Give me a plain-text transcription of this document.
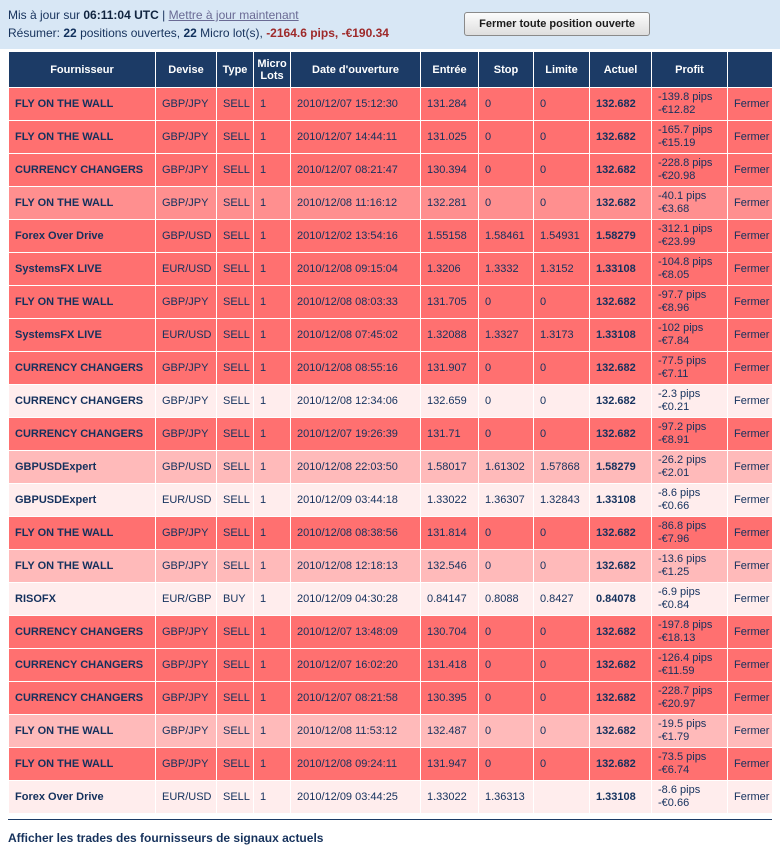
Mis à jour sur 06:11:04 UTC | Mettre à jour maintenant
Résumer: 22 positions ouvertes, 22 Micro lot(s), -2164.6 pips, -€190.34
Fermer toute position ouverte
Fournisseur	Devise	Type	Micro Lots	Date d'ouverture	Entrée	Stop	Limite	Actuel	Profit	
FLY ON THE WALL	GBP/JPY	SELL	1	2010/12/07 15:12:30	131.284	0	0	132.682	-139.8 pips
-€12.82	Fermer
FLY ON THE WALL	GBP/JPY	SELL	1	2010/12/07 14:44:11	131.025	0	0	132.682	-165.7 pips
-€15.19	Fermer
CURRENCY CHANGERS	GBP/JPY	SELL	1	2010/12/07 08:21:47	130.394	0	0	132.682	-228.8 pips
-€20.98	Fermer
FLY ON THE WALL	GBP/JPY	SELL	1	2010/12/08 11:16:12	132.281	0	0	132.682	-40.1 pips
-€3.68	Fermer
Forex Over Drive	GBP/USD	SELL	1	2010/12/02 13:54:16	1.55158	1.58461	1.54931	1.58279	-312.1 pips
-€23.99	Fermer
SystemsFX LIVE	EUR/USD	SELL	1	2010/12/08 09:15:04	1.3206	1.3332	1.3152	1.33108	-104.8 pips
-€8.05	Fermer
FLY ON THE WALL	GBP/JPY	SELL	1	2010/12/08 08:03:33	131.705	0	0	132.682	-97.7 pips
-€8.96	Fermer
SystemsFX LIVE	EUR/USD	SELL	1	2010/12/08 07:45:02	1.32088	1.3327	1.3173	1.33108	-102 pips
-€7.84	Fermer
CURRENCY CHANGERS	GBP/JPY	SELL	1	2010/12/08 08:55:16	131.907	0	0	132.682	-77.5 pips
-€7.11	Fermer
CURRENCY CHANGERS	GBP/JPY	SELL	1	2010/12/08 12:34:06	132.659	0	0	132.682	-2.3 pips
-€0.21	Fermer
CURRENCY CHANGERS	GBP/JPY	SELL	1	2010/12/07 19:26:39	131.71	0	0	132.682	-97.2 pips
-€8.91	Fermer
GBPUSDExpert	GBP/USD	SELL	1	2010/12/08 22:03:50	1.58017	1.61302	1.57868	1.58279	-26.2 pips
-€2.01	Fermer
GBPUSDExpert	EUR/USD	SELL	1	2010/12/09 03:44:18	1.33022	1.36307	1.32843	1.33108	-8.6 pips
-€0.66	Fermer
FLY ON THE WALL	GBP/JPY	SELL	1	2010/12/08 08:38:56	131.814	0	0	132.682	-86.8 pips
-€7.96	Fermer
FLY ON THE WALL	GBP/JPY	SELL	1	2010/12/08 12:18:13	132.546	0	0	132.682	-13.6 pips
-€1.25	Fermer
RISOFX	EUR/GBP	BUY	1	2010/12/09 04:30:28	0.84147	0.8088	0.8427	0.84078	-6.9 pips
-€0.84	Fermer
CURRENCY CHANGERS	GBP/JPY	SELL	1	2010/12/07 13:48:09	130.704	0	0	132.682	-197.8 pips
-€18.13	Fermer
CURRENCY CHANGERS	GBP/JPY	SELL	1	2010/12/07 16:02:20	131.418	0	0	132.682	-126.4 pips
-€11.59	Fermer
CURRENCY CHANGERS	GBP/JPY	SELL	1	2010/12/07 08:21:58	130.395	0	0	132.682	-228.7 pips
-€20.97	Fermer
FLY ON THE WALL	GBP/JPY	SELL	1	2010/12/08 11:53:12	132.487	0	0	132.682	-19.5 pips
-€1.79	Fermer
FLY ON THE WALL	GBP/JPY	SELL	1	2010/12/08 09:24:11	131.947	0	0	132.682	-73.5 pips
-€6.74	Fermer
Forex Over Drive	EUR/USD	SELL	1	2010/12/09 03:44:25	1.33022	1.36313		1.33108	-8.6 pips
-€0.66	Fermer
Afficher les trades des fournisseurs de signaux actuels
